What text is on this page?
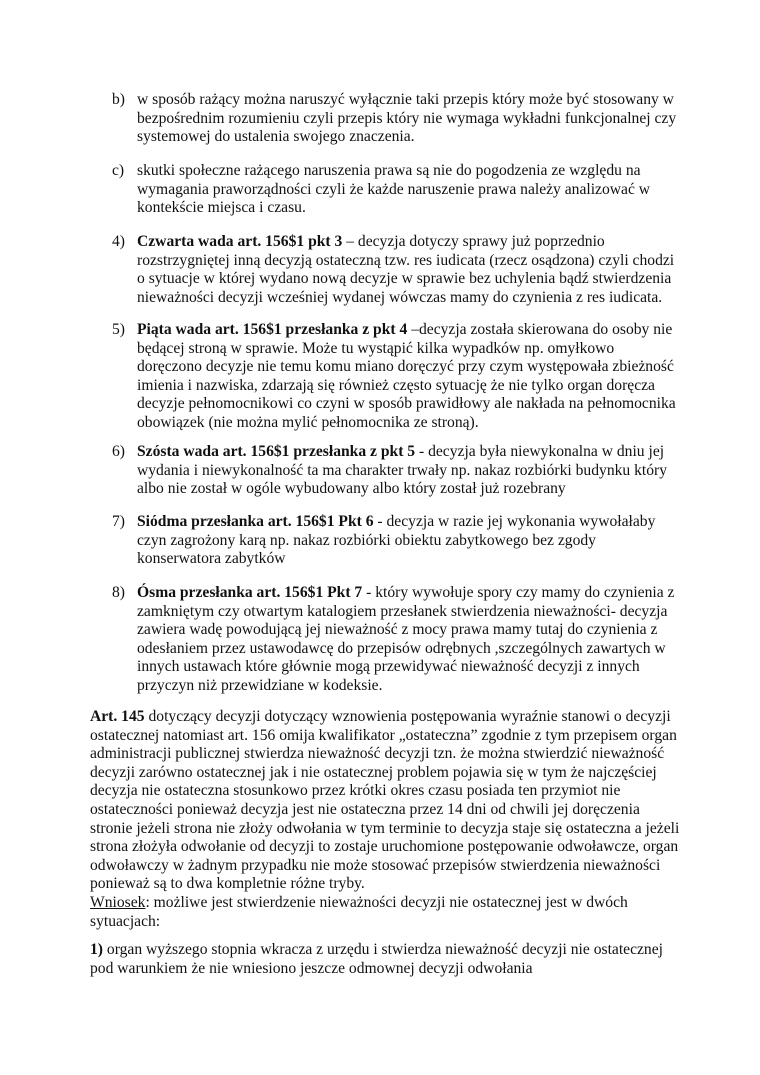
b) w sposób rażący można naruszyć wyłącznie taki przepis który może być stosowany w
bezpośrednim rozumieniu czyli przepis który nie wymaga wykładni funkcjonalnej czy
systemowej do ustalenia swojego znaczenia.
c) skutki społeczne rażącego naruszenia prawa są nie do pogodzenia ze względu na
wymagania praworządności czyli że każde naruszenie prawa należy analizować w
kontekście miejsca i czasu.
4) Czwarta wada art. 156$1 pkt 3 – decyzja dotyczy sprawy już poprzednio
rozstrzygniętej inną decyzją ostateczną tzw. res iudicata (rzecz osądzona) czyli chodzi
o sytuacje w której wydano nową decyzje w sprawie bez uchylenia bądź stwierdzenia
nieważności decyzji wcześniej wydanej wówczas mamy do czynienia z res iudicata.
5) Piąta wada art. 156$1 przesłanka z pkt 4 –decyzja została skierowana do osoby nie
będącej stroną w sprawie. Może tu wystąpić kilka wypadków np. omyłkowo
doręczono decyzje nie temu komu miano doręczyć przy czym występowała zbieżność
imienia i nazwiska, zdarzają się również często sytuację że nie tylko organ doręcza
decyzje pełnomocnikowi co czyni w sposób prawidłowy ale nakłada na pełnomocnika
obowiązek (nie można mylić pełnomocnika ze stroną).
6) Szósta wada art. 156$1 przesłanka z pkt 5 - decyzja była niewykonalna w dniu jej
wydania i niewykonalność ta ma charakter trwały np. nakaz rozbiórki budynku który
albo nie został w ogóle wybudowany albo który został już rozebrany
7) Siódma przesłanka art. 156$1 Pkt 6 - decyzja w razie jej wykonania wywołałaby
czyn zagrożony karą np. nakaz rozbiórki obiektu zabytkowego bez zgody
konserwatora zabytków
8) Ósma przesłanka art. 156$1 Pkt 7 - który wywołuje spory czy mamy do czynienia z
zamkniętym czy otwartym katalogiem przesłanek stwierdzenia nieważności- decyzja
zawiera wadę powodującą jej nieważność z mocy prawa mamy tutaj do czynienia z
odesłaniem przez ustawodawcę do przepisów odrębnych ,szczególnych zawartych w
innych ustawach które głównie mogą przewidywać nieważność decyzji z innych
przyczyn niż przewidziane w kodeksie.
Art. 145 dotyczący decyzji dotyczący wznowienia postępowania wyraźnie stanowi o decyzji
ostatecznej natomiast art. 156 omija kwalifikator „ostateczna” zgodnie z tym przepisem organ
administracji publicznej stwierdza nieważność decyzji tzn. że można stwierdzić nieważność
decyzji zarówno ostatecznej jak i nie ostatecznej problem pojawia się w tym że najczęściej
decyzja nie ostateczna stosunkowo przez krótki okres czasu posiada ten przymiot nie
ostateczności ponieważ decyzja jest nie ostateczna przez 14 dni od chwili jej doręczenia
stronie jeżeli strona nie złoży odwołania w tym terminie to decyzja staje się ostateczna a jeżeli
strona złożyła odwołanie od decyzji to zostaje uruchomione postępowanie odwoławcze, organ
odwoławczy w żadnym przypadku nie może stosować przepisów stwierdzenia nieważności
ponieważ są to dwa kompletnie różne tryby.
Wniosek: możliwe jest stwierdzenie nieważności decyzji nie ostatecznej jest w dwóch
sytuacjach:
1) organ wyższego stopnia wkracza z urzędu i stwierdza nieważność decyzji nie ostatecznej
pod warunkiem że nie wniesiono jeszcze odmownej decyzji odwołania
